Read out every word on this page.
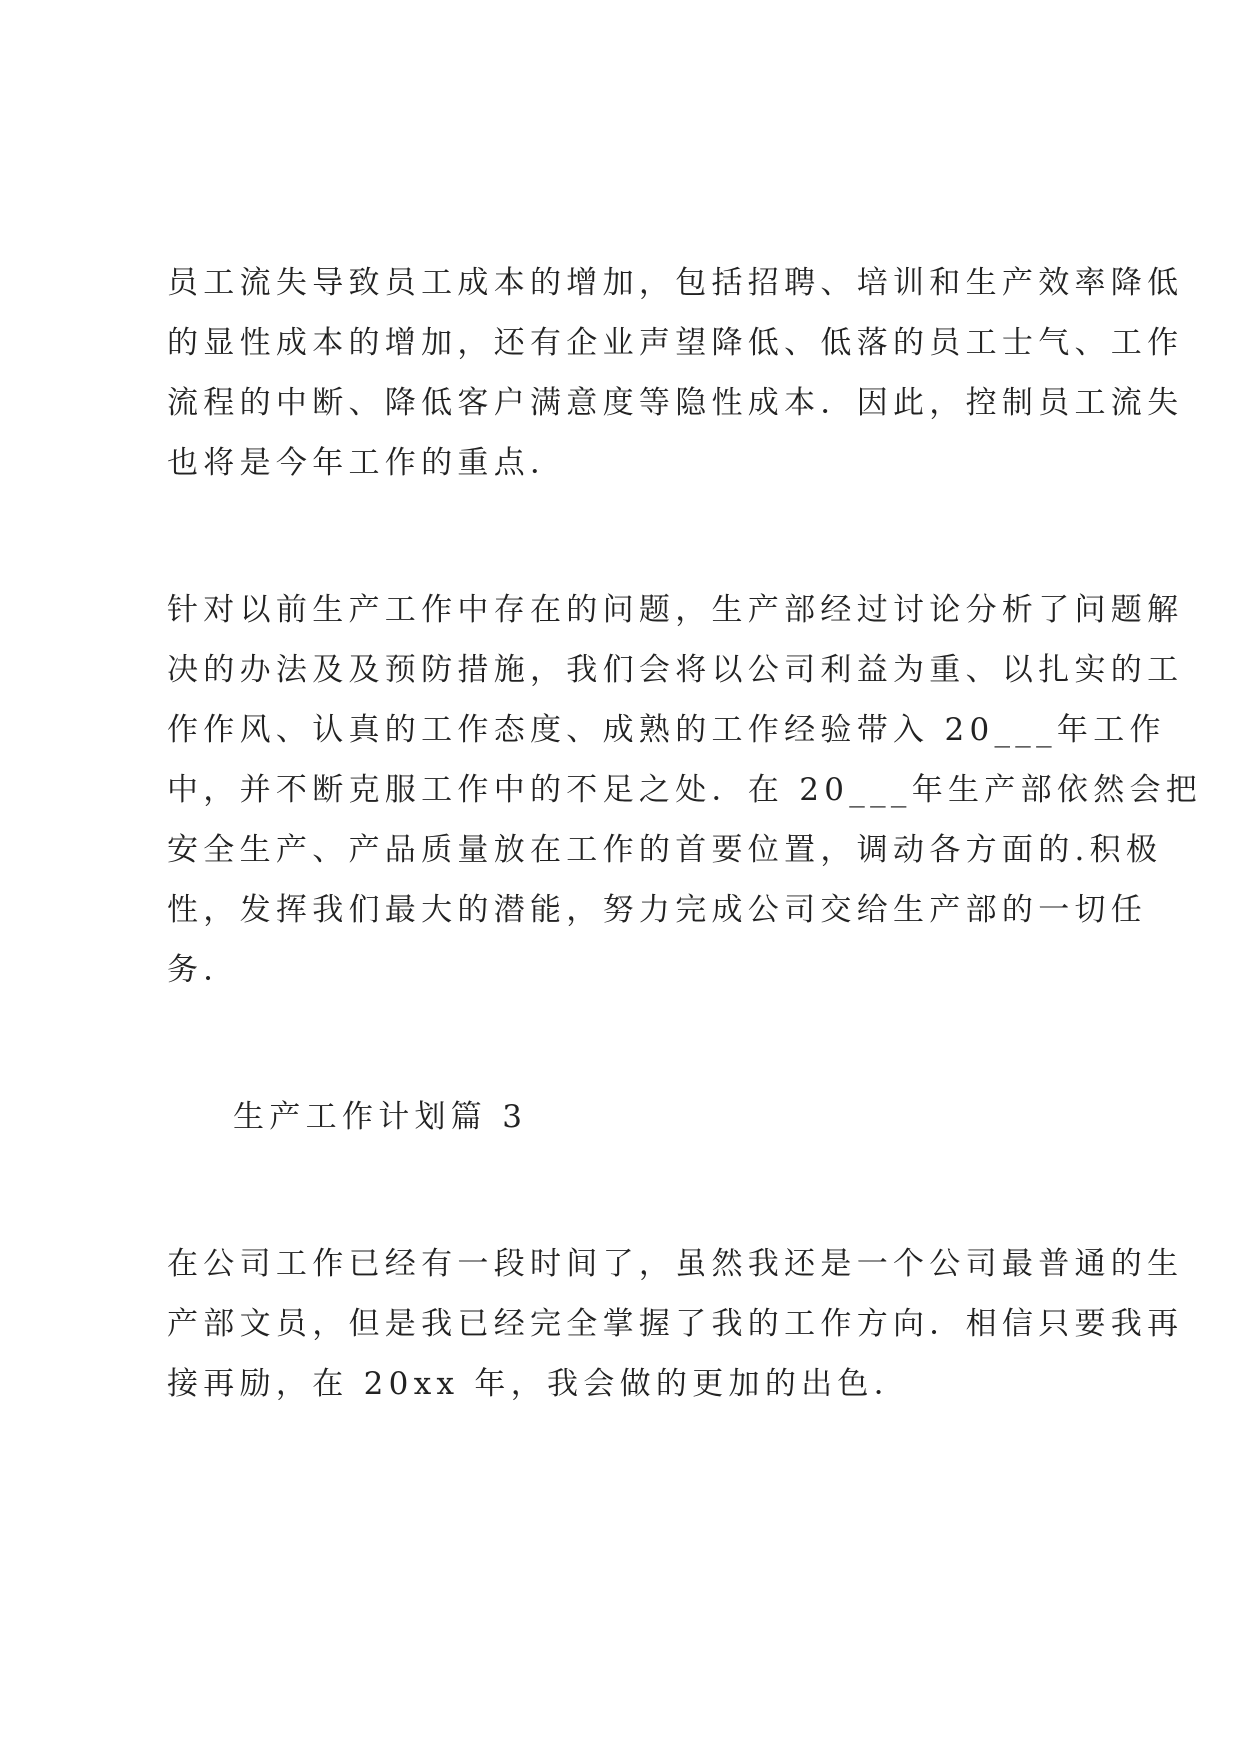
员工流失导致员工成本的增加，包括招聘、培训和生产效率降低
的显性成本的增加，还有企业声望降低、低落的员工士气、工作
流程的中断、降低客户满意度等隐性成本．因此，控制员工流失
也将是今年工作的重点．
针对以前生产工作中存在的问题，生产部经过讨论分析了问题解
决的办法及及预防措施，我们会将以公司利益为重、以扎实的工
作作风、认真的工作态度、成熟的工作经验带入 20___年工作
中，并不断克服工作中的不足之处．在 20___年生产部依然会把
安全生产、产品质量放在工作的首要位置，调动各方面的.积极
性，发挥我们最大的潜能，努力完成公司交给生产部的一切任
务．
生产工作计划篇 3
在公司工作已经有一段时间了，虽然我还是一个公司最普通的生
产部文员，但是我已经完全掌握了我的工作方向．相信只要我再
接再励，在 20xx 年，我会做的更加的出色．
